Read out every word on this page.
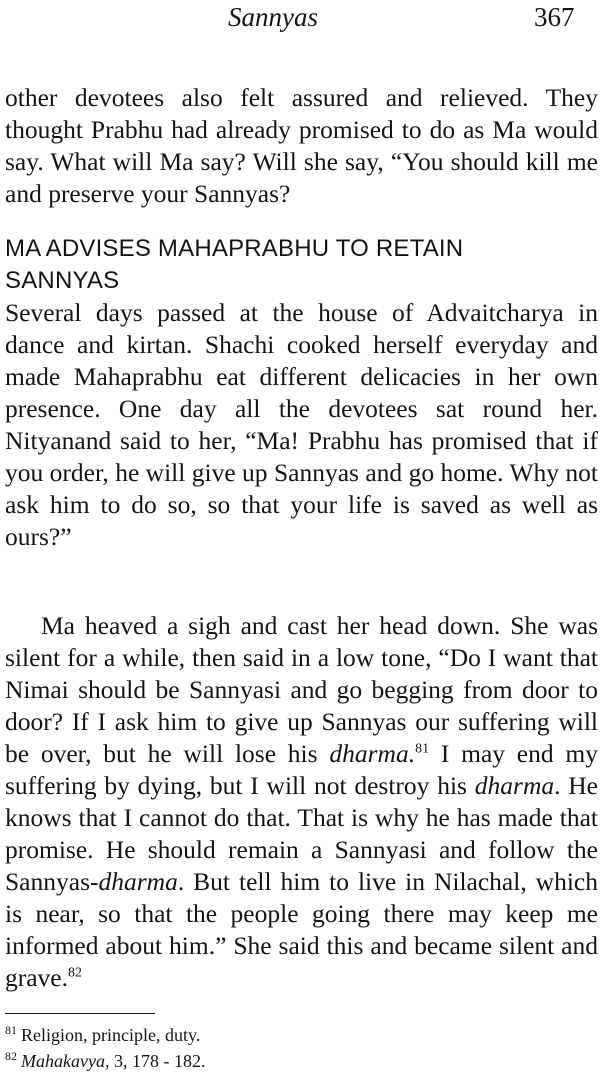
Sannyas	367

other devotees also felt assured and relieved. They thought Prabhu had already promised to do as Ma would say. What will Ma say? Will she say, “You should kill me and preserve your Sannyas?

MA ADVISES MAHAPRABHU TO RETAIN
SANNYAS

Several days passed at the house of Advaitcharya in dance and kirtan. Shachi cooked herself everyday and made Mahaprabhu eat different delicacies in her own presence. One day all the devotees sat round her. Nityanand said to her, “Ma! Prabhu has promised that if you order, he will give up Sannyas and go home. Why not ask him to do so, so that your life is saved as well as ours?”

Ma heaved a sigh and cast her head down. She was silent for a while, then said in a low tone, “Do I want that Nimai should be Sannyasi and go begging from door to door? If I ask him to give up Sannyas our suffering will be over, but he will lose his dharma.$^{81}$ I may end my suffering by dying, but I will not destroy his dharma. He knows that I cannot do that. That is why he has made that promise. He should remain a Sannyasi and follow the Sannyas-dharma. But tell him to live in Nilachal, which is near, so that the people going there may keep me informed about him.” She said this and became silent and grave.$^{82}$

$^{81}$ Religion, principle, duty.
$^{82}$ Mahakavya, 3, 178 - 182.
